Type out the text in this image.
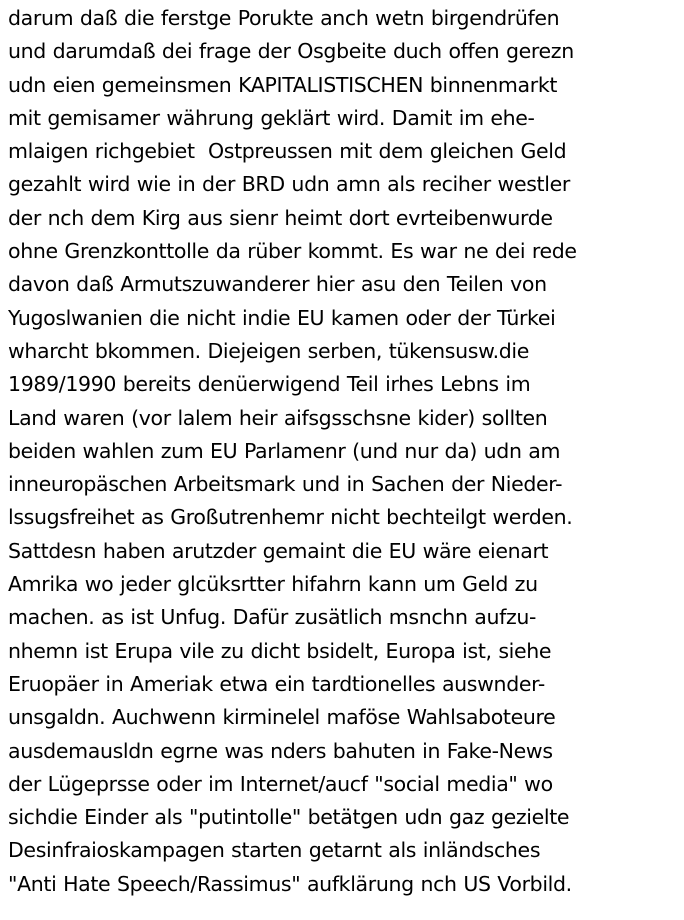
darum daß die ferstge Porukte anch wetn birgendrüfen
und darumdaß dei frage der Osgbeite duch offen gerezn
udn eien gemeinsmen KAPITALISTISCHEN binnenmarkt
mit gemisamer währung geklärt wird. Damit im ehe-
mlaigen richgebiet  Ostpreussen mit dem gleichen Geld
gezahlt wird wie in der BRD udn amn als reciher westler
der nch dem Kirg aus sienr heimt dort evrteibenwurde
ohne Grenzkonttolle da rüber kommt. Es war ne dei rede
davon daß Armutszuwanderer hier asu den Teilen von
Yugoslwanien die nicht indie EU kamen oder der Türkei
wharcht bkommen. Diejeigen serben, tükensusw.die
1989/1990 bereits denüerwigend Teil irhes Lebns im
Land waren (vor lalem heir aifsgsschsne kider) sollten
beiden wahlen zum EU Parlamenr (und nur da) udn am
inneuropäschen Arbeitsmark und in Sachen der Nieder-
lssugsfreihet as Großutrenhemr nicht bechteilgt werden.
Sattdesn haben arutzder gemaint die EU wäre eienart
Amrika wo jeder glcüksrtter hifahrn kann um Geld zu
machen. as ist Unfug. Dafür zusätlich msnchn aufzu-
nhemn ist Erupa vile zu dicht bsidelt, Europa ist, siehe
Eruopäer in Ameriak etwa ein tardtionelles auswnder-
unsgaldn. Auchwenn kirminelel maföse Wahlsaboteure
ausdemausldn egrne was nders bahuten in Fake-News
der Lügeprsse oder im Internet/aucf "social media" wo
sichdie Einder als "putintolle" betätgen udn gaz gezielte
Desinfraioskampagen starten getarnt als inländsches
"Anti Hate Speech/Rassimus" aufklärung nch US Vorbild.
